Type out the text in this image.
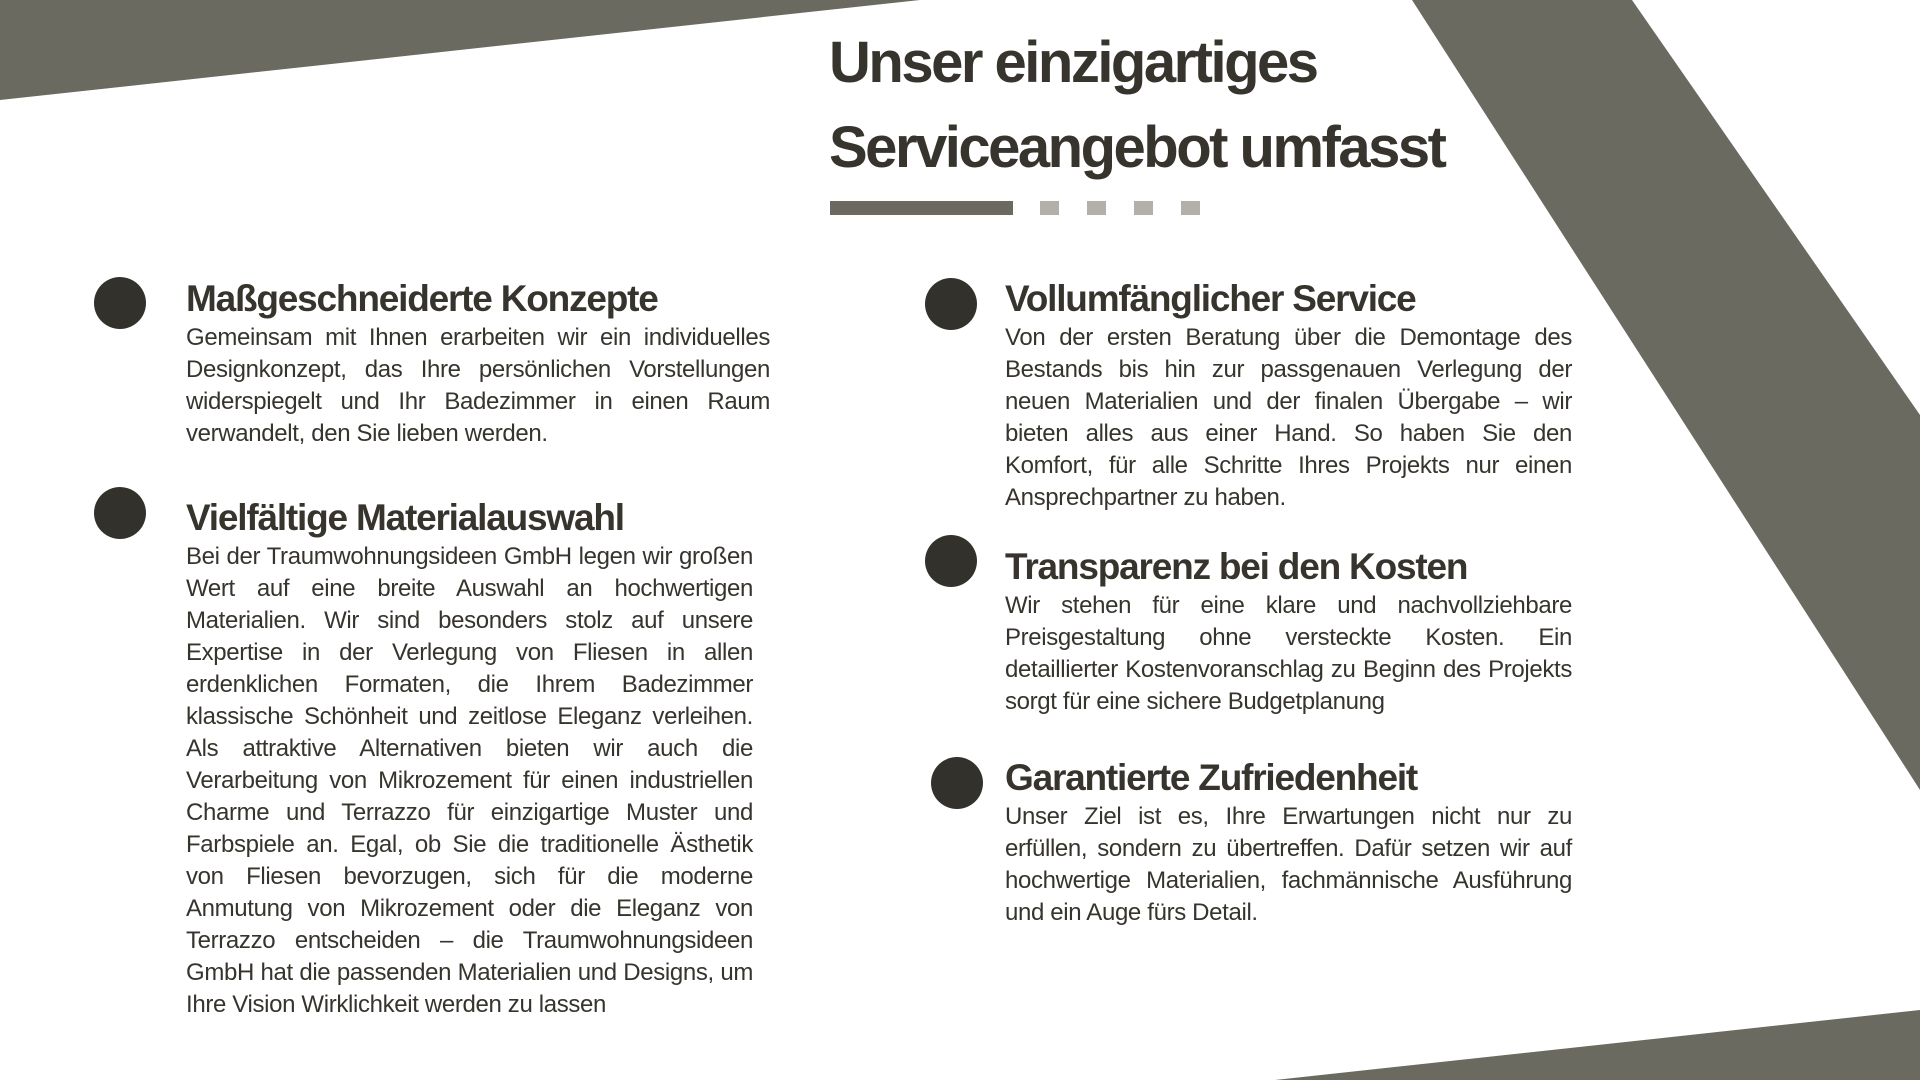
Unser einzigartiges
Serviceangebot umfasst
Maßgeschneiderte Konzepte

Gemeinsam mit Ihnen erarbeiten wir ein individuelles Designkonzept, das Ihre persönlichen Vorstellungen widerspiegelt und Ihr Badezimmer in einen Raum verwandelt, den Sie lieben werden.

Vielfältige Materialauswahl

Bei der Traumwohnungsideen GmbH legen wir großen Wert auf eine breite Auswahl an hochwertigen Materialien. Wir sind besonders stolz auf unsere Expertise in der Verlegung von Fliesen in allen erdenklichen Formaten, die Ihrem Badezimmer klassische Schönheit und zeitlose Eleganz verleihen. Als attraktive Alternativen bieten wir auch die Verarbeitung von Mikrozement für einen industriellen Charme und Terrazzo für einzigartige Muster und Farbspiele an. Egal, ob Sie die traditionelle Ästhetik von Fliesen bevorzugen, sich für die moderne Anmutung von Mikrozement oder die Eleganz von Terrazzo entscheiden – die Traumwohnungsideen GmbH hat die passenden Materialien und Designs, um Ihre Vision Wirklichkeit werden zu lassen

Vollumfänglicher Service

Von der ersten Beratung über die Demontage des Bestands bis hin zur passgenauen Verlegung der neuen Materialien und der finalen Übergabe – wir bieten alles aus einer Hand. So haben Sie den Komfort, für alle Schritte Ihres Projekts nur einen Ansprechpartner zu haben.

Transparenz bei den Kosten

Wir stehen für eine klare und nachvollziehbare Preisgestaltung ohne versteckte Kosten. Ein detaillierter Kostenvoranschlag zu Beginn des Projekts sorgt für eine sichere Budgetplanung

Garantierte Zufriedenheit

Unser Ziel ist es, Ihre Erwartungen nicht nur zu erfüllen, sondern zu übertreffen. Dafür setzen wir auf hochwertige Materialien, fachmännische Ausführung und ein Auge fürs Detail.
